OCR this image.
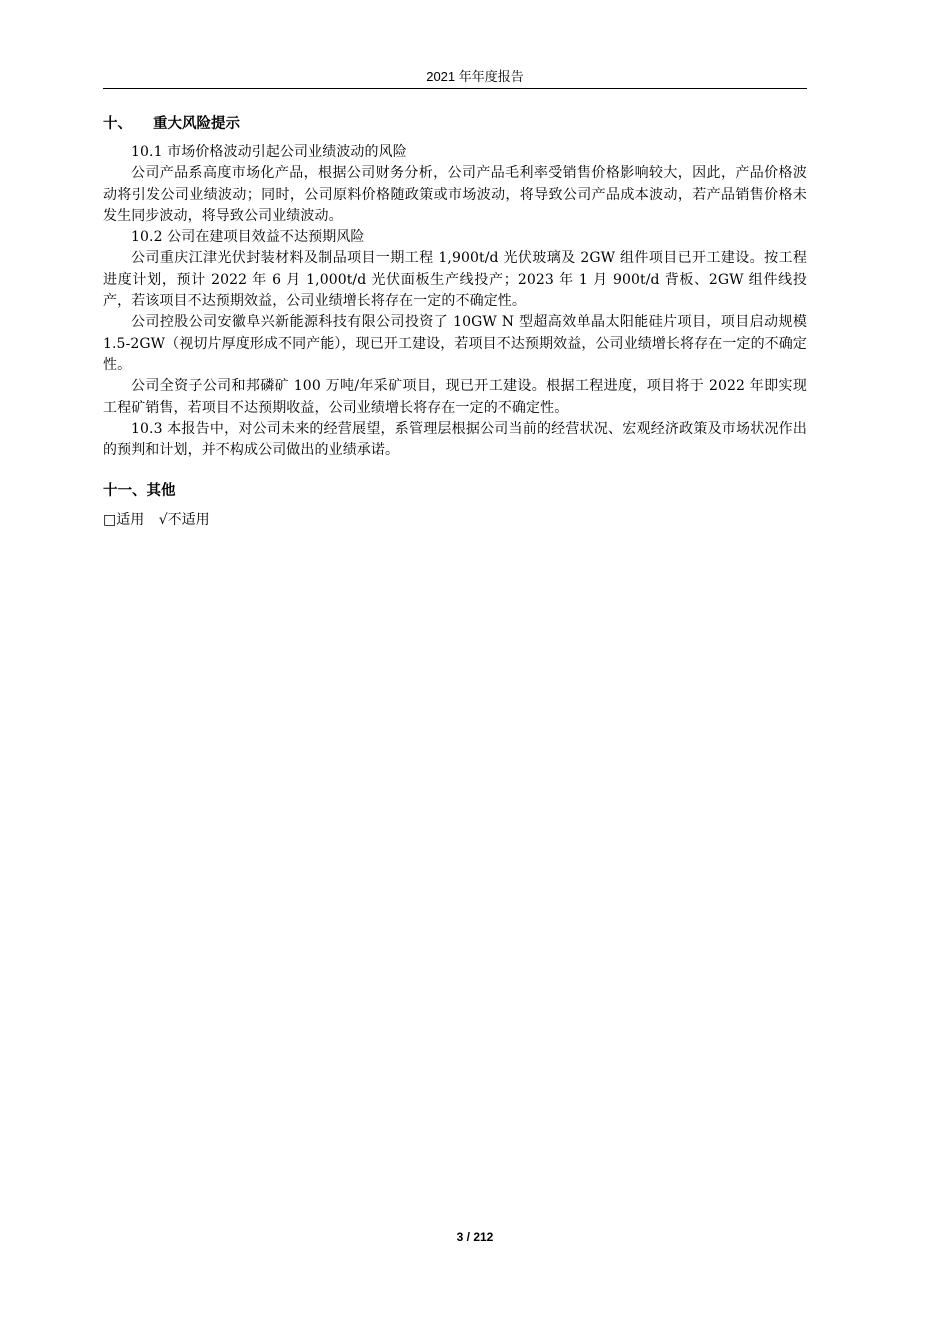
2021 年年度报告
十、 重大风险提示

10.1 市场价格波动引起公司业绩波动的风险

公司产品系高度市场化产品，根据公司财务分析，公司产品毛利率受销售价格影响较大，因此，产品价格波动将引发公司业绩波动；同时，公司原料价格随政策或市场波动，将导致公司产品成本波动，若产品销售价格未发生同步波动，将导致公司业绩波动。

10.2 公司在建项目效益不达预期风险

公司重庆江津光伏封装材料及制品项目一期工程 1,900t/d 光伏玻璃及 2GW 组件项目已开工建设。按工程进度计划，预计 2022 年 6 月 1,000t/d 光伏面板生产线投产；2023 年 1 月 900t/d 背板、2GW 组件线投产，若该项目不达预期效益，公司业绩增长将存在一定的不确定性。

公司控股公司安徽阜兴新能源科技有限公司投资了 10GW N 型超高效单晶太阳能硅片项目，项目启动规模 1.5-2GW（视切片厚度形成不同产能），现已开工建设，若项目不达预期效益，公司业绩增长将存在一定的不确定性。

公司全资子公司和邦磷矿 100 万吨/年采矿项目，现已开工建设。根据工程进度，项目将于 2022 年即实现工程矿销售，若项目不达预期收益，公司业绩增长将存在一定的不确定性。

10.3 本报告中，对公司未来的经营展望，系管理层根据公司当前的经营状况、宏观经济政策及市场状况作出的预判和计划，并不构成公司做出的业绩承诺。

十一、其他
□适用 √不适用
3 / 212
